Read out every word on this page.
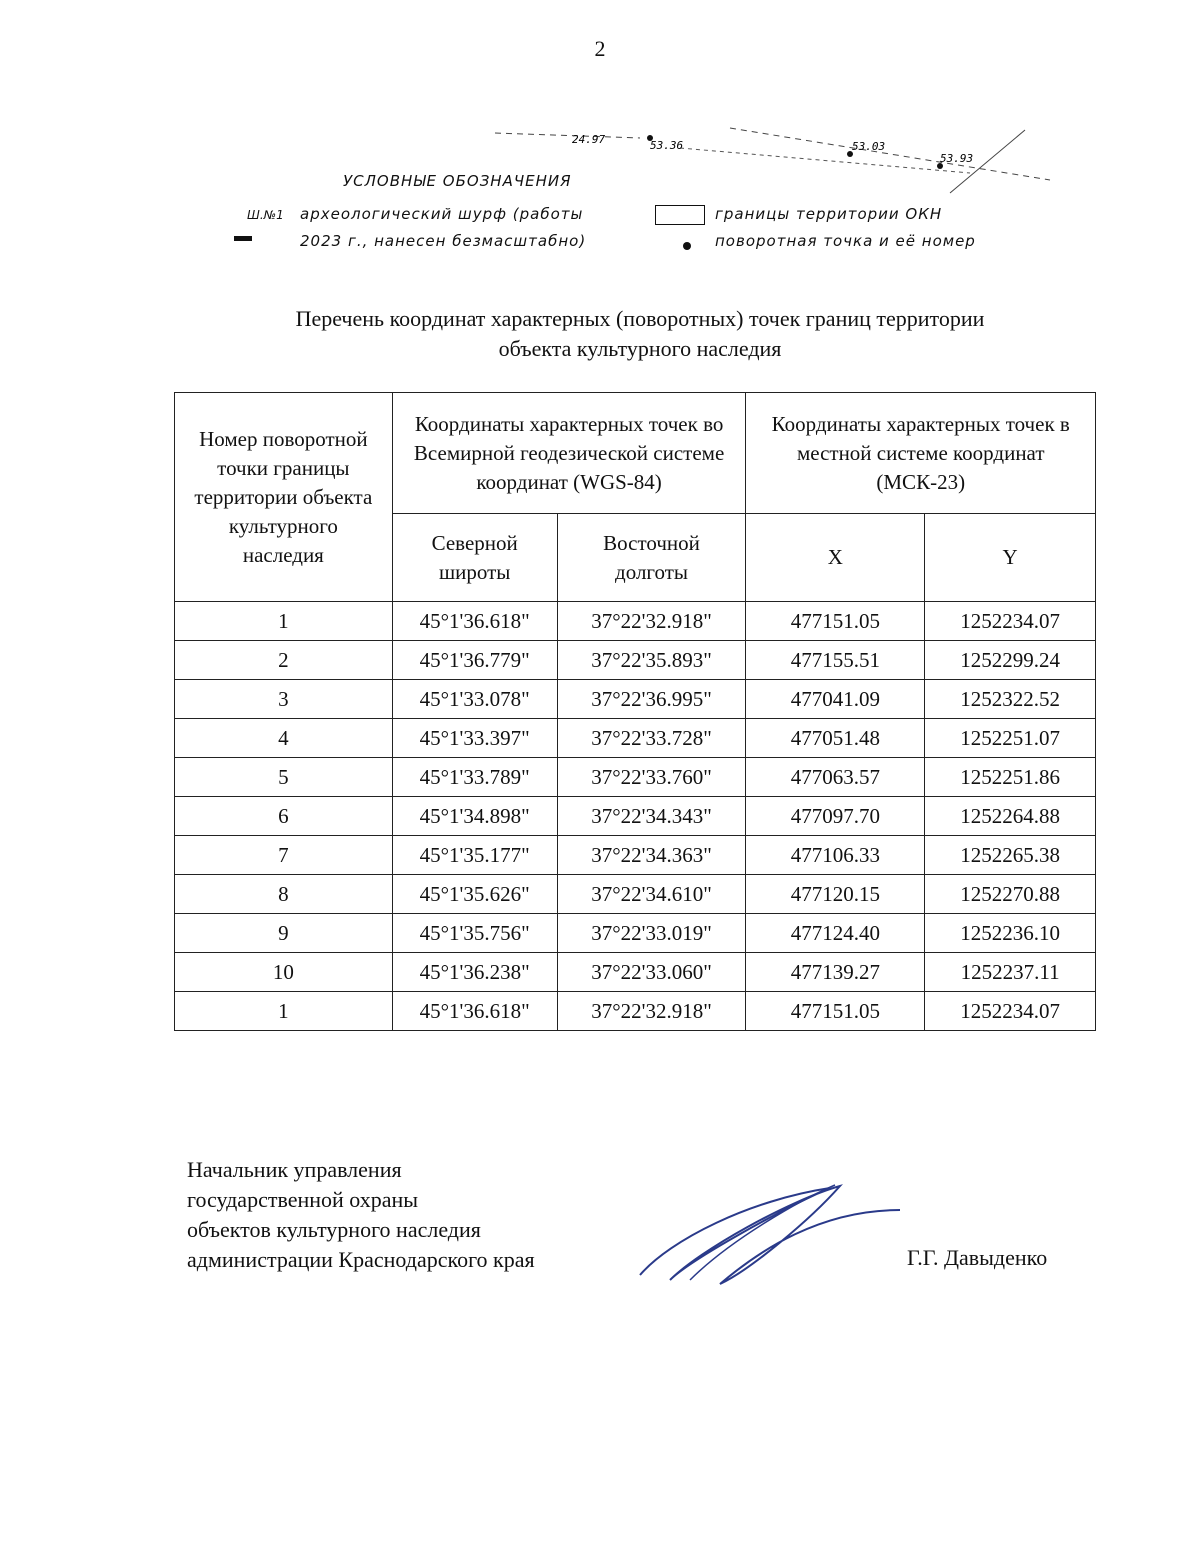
2
24.97	53.36	53.03
53.93
УСЛОВНЫЕ ОБОЗНАЧЕНИЯ
Ш.№1 археологический шурф (работы
2023 г., нанесен безмасштабно)
границы территории ОКН
поворотная точка и её номер
Перечень координат характерных (поворотных) точек границ территории
объекта культурного наследия
Номер поворотной точки границы территории объекта культурного наследия	Координаты характерных точек во Всемирной геодезической системе координат (WGS-84)		Координаты характерных точек в местной системе координат (МСК-23)	
	Северной широты	Восточной долготы	X	Y
1	45°1'36.618"	37°22'32.918"	477151.05	1252234.07
2	45°1'36.779"	37°22'35.893"	477155.51	1252299.24
3	45°1'33.078"	37°22'36.995"	477041.09	1252322.52
4	45°1'33.397"	37°22'33.728"	477051.48	1252251.07
5	45°1'33.789"	37°22'33.760"	477063.57	1252251.86
6	45°1'34.898"	37°22'34.343"	477097.70	1252264.88
7	45°1'35.177"	37°22'34.363"	477106.33	1252265.38
8	45°1'35.626"	37°22'34.610"	477120.15	1252270.88
9	45°1'35.756"	37°22'33.019"	477124.40	1252236.10
10	45°1'36.238"	37°22'33.060"	477139.27	1252237.11
1	45°1'36.618"	37°22'32.918"	477151.05	1252234.07
Начальник управления
государственной охраны
объектов культурного наследия
администрации Краснодарского края	Г.Г. Давыденко
